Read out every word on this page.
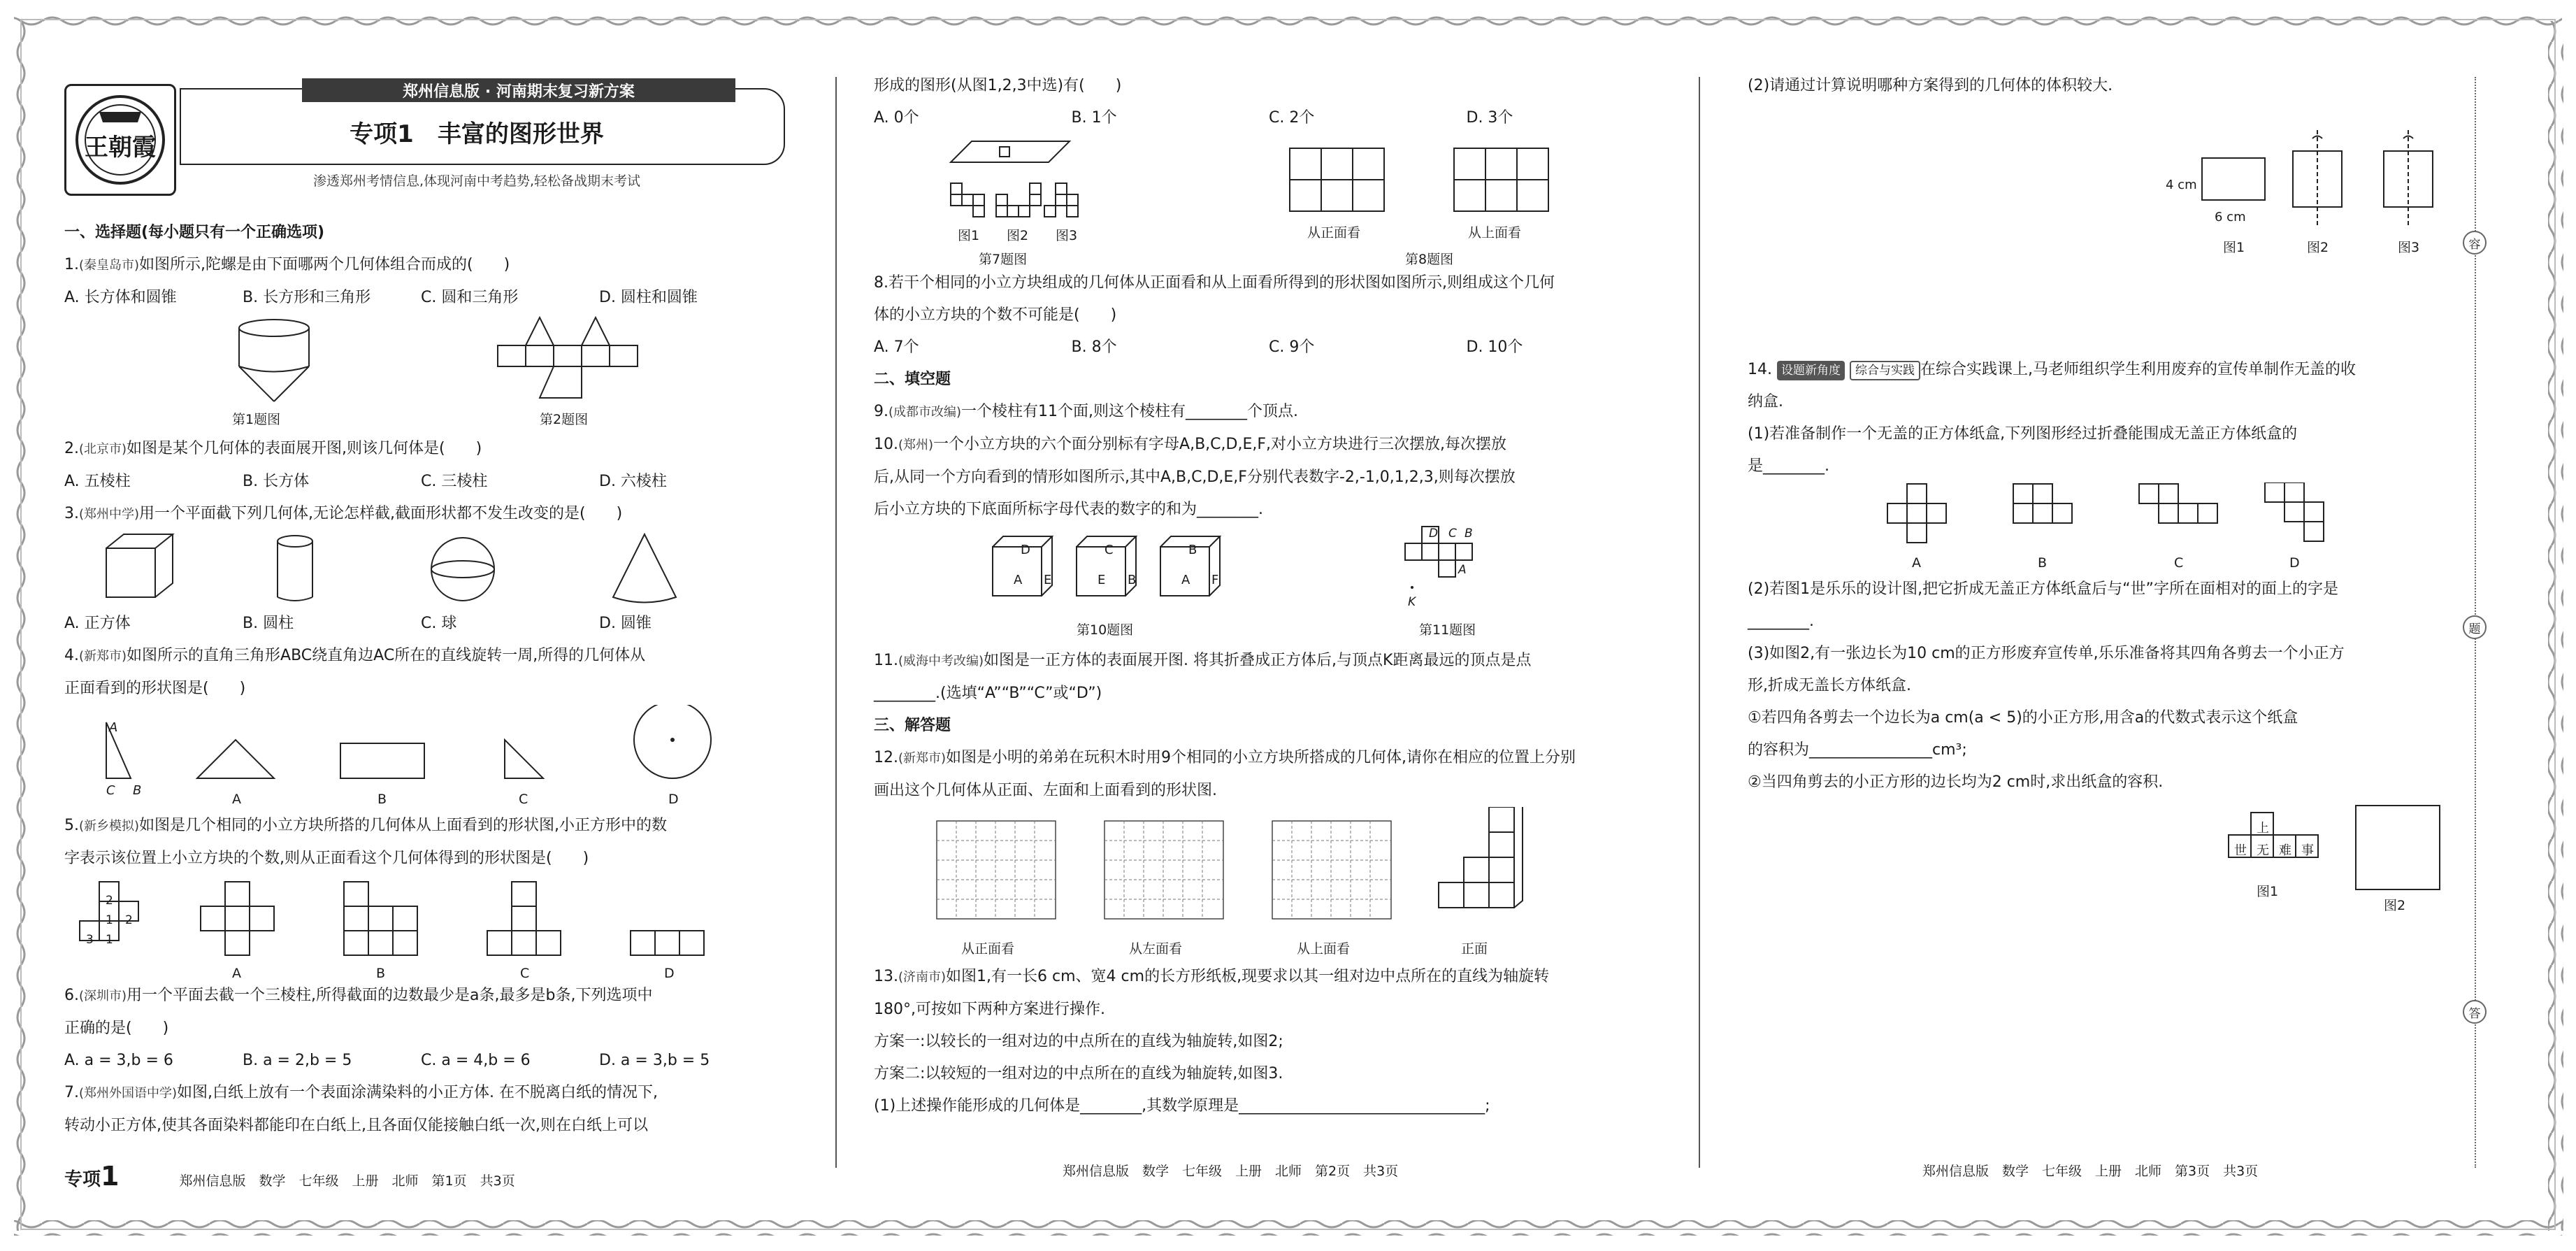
王朝霞
郑州信息版 · 河南期末复习新方案
专项1　丰富的图形世界
渗透郑州考情信息,体现河南中考趋势,轻松备战期末考试

一、选择题(每小题只有一个正确选项)

1.(秦皇岛市)如图所示,陀螺是由下面哪两个几何体组合而成的(　　)

A. 长方体和圆锥	B. 长方形和三角形	C. 圆和三角形	D. 圆柱和圆锥

第1题图	第2题图

2.(北京市)如图是某个几何体的表面展开图,则该几何体是(　　)

A. 五棱柱	B. 长方体	C. 三棱柱	D. 六棱柱

3.(郑州中学)用一个平面截下列几何体,无论怎样截,截面形状都不发生改变的是(　　)

A. 正方体	B. 圆柱	C. 球	D. 圆锥

4.(新郑市)如图所示的直角三角形ABC绕直角边AC所在的直线旋转一周,所得的几何体从

正面看到的形状图是(　　)

A
B
C
A	B	C	D

5.(新乡模拟)如图是几个相同的小立方块所搭的几何体从上面看到的形状图,小正方形中的数

字表示该位置上小立方块的个数,则从正面看这个几何体得到的形状图是(　　)

2
1 2
3 1
A	B	C	D

6.(深圳市)用一个平面去截一个三棱柱,所得截面的边数最少是a条,最多是b条,下列选项中

正确的是(　　)

A. a = 3,b = 6	B. a = 2,b = 5	C. a = 4,b = 6	D. a = 3,b = 5

7.(郑州外国语中学)如图,白纸上放有一个表面涂满染料的小正方体. 在不脱离白纸的情况下,

转动小正方体,使其各面染料都能印在白纸上,且各面仅能接触白纸一次,则在白纸上可以

专项1	郑州信息版　数学　七年级　上册　北师　第1页　共3页

形成的图形(从图1,2,3中选)有(　　)

A. 0个	B. 1个	C. 2个	D. 3个

图1 图2 图3
第7题图
从正面看	从上面看
第8题图

8.若干个相同的小立方块组成的几何体从正面看和从上面看所得到的形状图如图所示,则组成这个几何

体的小立方块的个数不可能是(　　)

A. 7个	B. 8个	C. 9个	D. 10个

二、填空题

9.(成都市改编)一个棱柱有11个面,则这个棱柱有________个顶点.

10.(郑州)一个小立方块的六个面分别标有字母A,B,C,D,E,F,对小立方块进行三次摆放,每次摆放

后,从同一个方向看到的情形如图所示,其中A,B,C,D,E,F分别代表数字-2,-1,0,1,2,3,则每次摆放

后小立方块的下底面所标字母代表的数字的和为________.

D
A E
C
E B
B
A F
D C B
A
K
第10题图	第11题图

11.(威海中考改编)如图是一正方体的表面展开图. 将其折叠成正方体后,与顶点K距离最远的顶点是点

________.(选填“A”“B”“C”或“D”)

三、解答题

12.(新郑市)如图是小明的弟弟在玩积木时用9个相同的小立方块所搭成的几何体,请你在相应的位置上分别

画出这个几何体从正面、左面和上面看到的形状图.

从正面看	从左面看	从上面看	正面

13.(济南市)如图1,有一长6 cm、宽4 cm的长方形纸板,现要求以其一组对边中点所在的直线为轴旋转

180°,可按如下两种方案进行操作.

方案一:以较长的一组对边的中点所在的直线为轴旋转,如图2;

方案二:以较短的一组对边的中点所在的直线为轴旋转,如图3.

(1)上述操作能形成的几何体是________,其数学原理是________________________________;

郑州信息版　数学　七年级　上册　北师　第2页　共3页

(2)请通过计算说明哪种方案得到的几何体的体积较大.

4 cm
6 cm
图1	图2	图3

14. 设题新角度 综合与实践 在综合实践课上,马老师组织学生利用废弃的宣传单制作无盖的收

纳盒.

(1)若准备制作一个无盖的正方体纸盒,下列图形经过折叠能围成无盖正方体纸盒的

是________.

A	B	C	D

(2)若图1是乐乐的设计图,把它折成无盖正方体纸盒后与“世”字所在面相对的面上的字是

________.

(3)如图2,有一张边长为10 cm的正方形废弃宣传单,乐乐准备将其四角各剪去一个小正方

形,折成无盖长方体纸盒.

①若四角各剪去一个边长为a cm(a < 5)的小正方形,用含a的代数式表示这个纸盒

的容积为________________cm³;

②当四角剪去的小正方形的边长均为2 cm时,求出纸盒的容积.

上
世 无 难 事
图1
图2
郑州信息版　数学　七年级　上册　北师　第3页　共3页
容
题
答
